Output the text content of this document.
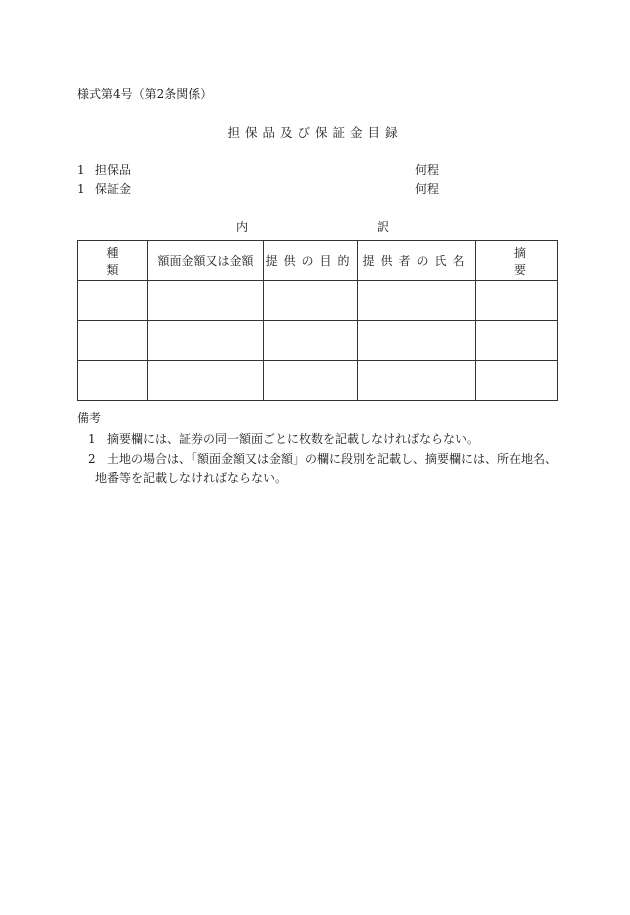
様式第4号（第2条関係）
担保品及び保証金目録
1 担保品	何程
1 保証金	何程
内	訳
種類	額面金額又は金額	提供の目的	提供者の氏名	摘要

備考
1 摘要欄には、証券の同一額面ごとに枚数を記載しなければならない。
2 土地の場合は、「額面金額又は金額」の欄に段別を記載し、摘要欄には、所在地名、
地番等を記載しなければならない。
